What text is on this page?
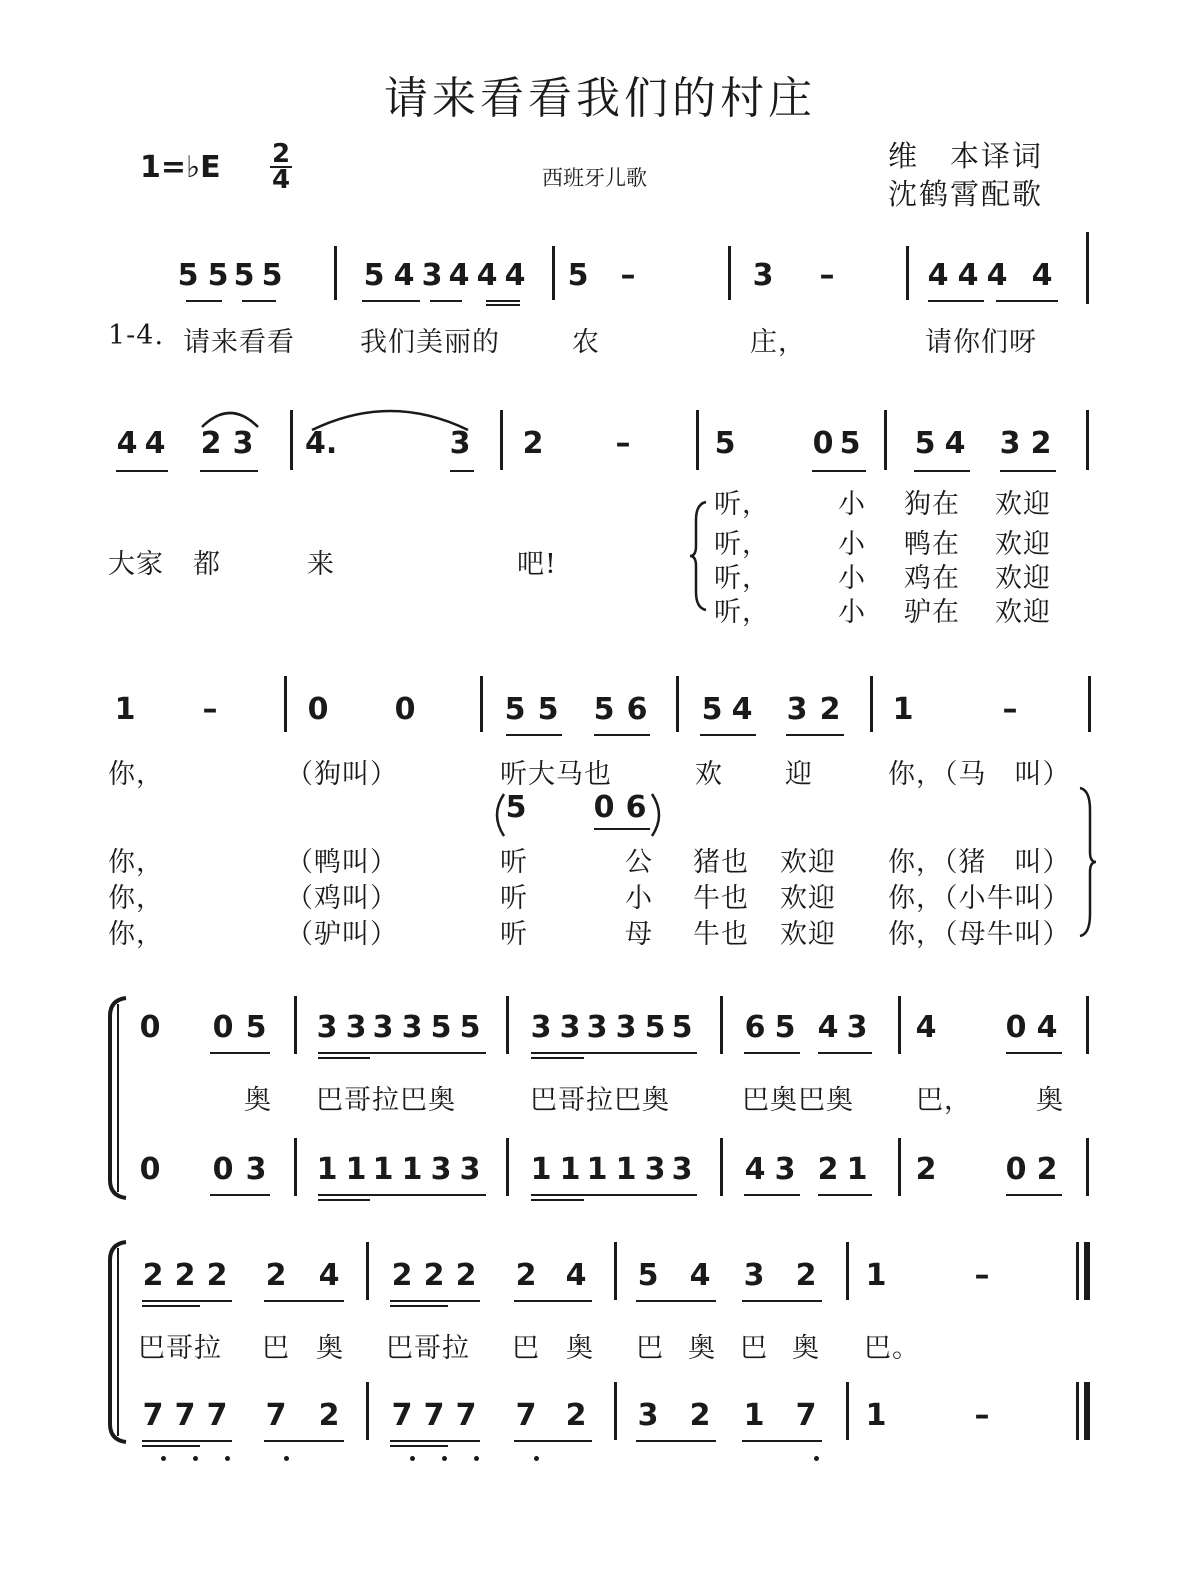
请来看看我们的村庄
1=♭E 2
4	西班牙儿歌
维　本译词
沈鹤霄配歌
5 5 5 5	5 4 3 4 4 4 5 –	3 –	4 4 4 4
4 4 2 3 4.	3 2 –	5	0 5 5 4 3 2
1 –	0 0	5 5 5 6 5 4 3 2 1	–
5 0 6
0 0 5 3 3 3 3 5 5 3 3 3 3 5 5 6 5 4 3 4 0 4
0 0 3 1 1 1 1 3 3 1 1 1 1 3 3 4 3 2 1 2 0 2
2 2 2 2 4 2 2 2 2 4 5 4 3 2 1	–
7 7 7 7 2 7 7 7 7 2 3 2 1 7 1	–
1-4. 请来看看 我们美丽的	农	庄，	请你们呀
大家 都	来	吧!
听，	小 狗在 欢迎
听，	小 鸭在 欢迎
听，	小 鸡在 欢迎
听，	小 驴在 欢迎
你，	（狗叫）	听大马也	欢 迎	你，（马　叫）
你，	（鸭叫）	听	公 猪也 欢迎 你，（猪　叫）
你，	（鸡叫）	听	小 牛也 欢迎 你，（小牛叫）
你，	（驴叫）	听	母 牛也 欢迎 你，（母牛叫）
奥 巴哥拉巴奥	巴哥拉巴奥	巴奥巴奥 巴， 奥
巴哥拉 巴 奥 巴哥拉 巴 奥 巴 奥 巴 奥 巴。
